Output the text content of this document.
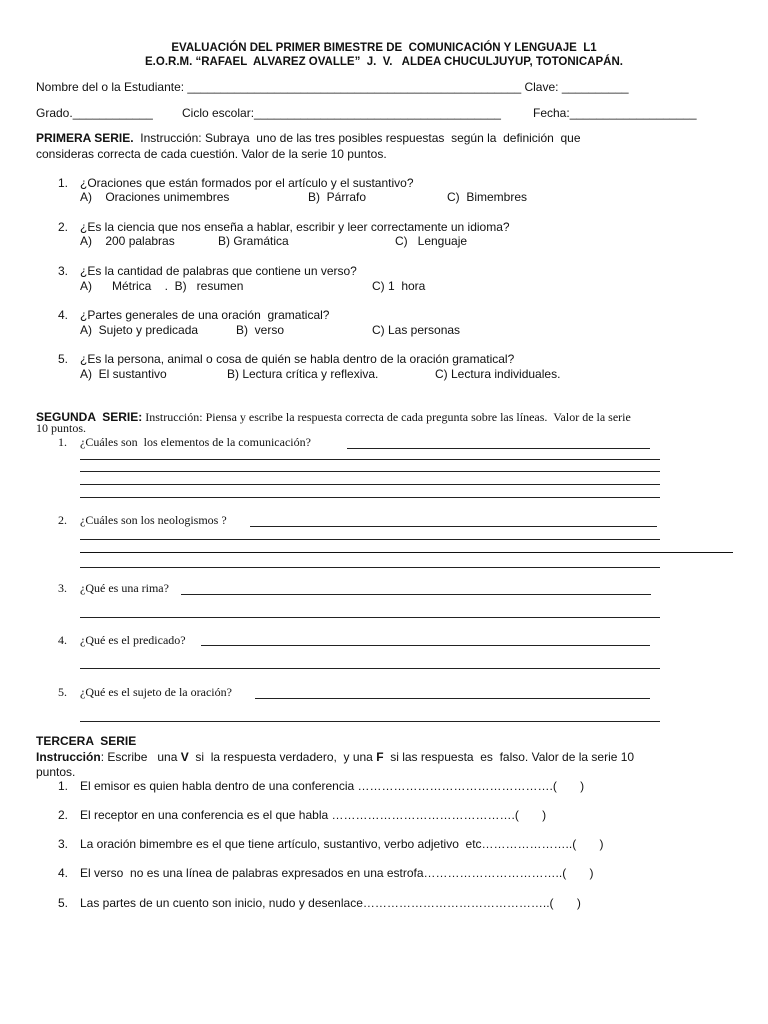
EVALUACIÓN DEL PRIMER BIMESTRE DE  COMUNICACIÓN Y LENGUAJE  L1
E.O.R.M. “RAFAEL  ALVAREZ OVALLE”  J.  V.   ALDEA CHUCULJUYUP, TOTONICAPÁN.
Nombre del o la Estudiante: __________________________________________________ Clave: __________
Grado.____________ Ciclo escolar:_____________________________________	Fecha:___________________
PRIMERA SERIE.  Instrucción: Subraya  uno de las tres posibles respuestas  según la  definición  que
consideras correcta de cada cuestión. Valor de la serie 10 puntos.
1. ¿Oraciones que están formados por el artículo y el sustantivo?
A)    Oraciones unimembres	B)  Párrafo	C)  Bimembres
2. ¿Es la ciencia que nos enseña a hablar, escribir y leer correctamente un idioma?
A)    200 palabras	B) Gramática	C)   Lenguaje
3. ¿Es la cantidad de palabras que contiene un verso?
A)      Métrica    .  B)   resumen	C) 1  hora
4. ¿Partes generales de una oración  gramatical?
A)  Sujeto y predicada	B)  verso	C) Las personas
5. ¿Es la persona, animal o cosa de quién se habla dentro de la oración gramatical?
A)  El sustantivo	B) Lectura crítica y reflexiva.	C) Lectura individuales.
SEGUNDA  SERIE: Instrucción: Piensa y escribe la respuesta correcta de cada pregunta sobre las líneas.  Valor de la serie
10 puntos.
1. ¿Cuáles son  los elementos de la comunicación?
2. ¿Cuáles son los neologismos ?
3. ¿Qué es una rima?
4. ¿Qué es el predicado?
5. ¿Qué es el sujeto de la oración?
TERCERA  SERIE
Instrucción: Escribe   una V  si  la respuesta verdadero,  y una F  si las respuesta  es  falso. Valor de la serie 10
puntos.
1. El emisor es quien habla dentro de una conferencia ………………………………………….(       )
2. El receptor en una conferencia es el que habla ……………………………………….(       )
3. La oración bimembre es el que tiene artículo, sustantivo, verbo adjetivo  etc…………………..(       )
4. El verso  no es una línea de palabras expresados en una estrofa……………………………..(       )
5. Las partes de un cuento son inicio, nudo y desenlace………………………………………..(       )
